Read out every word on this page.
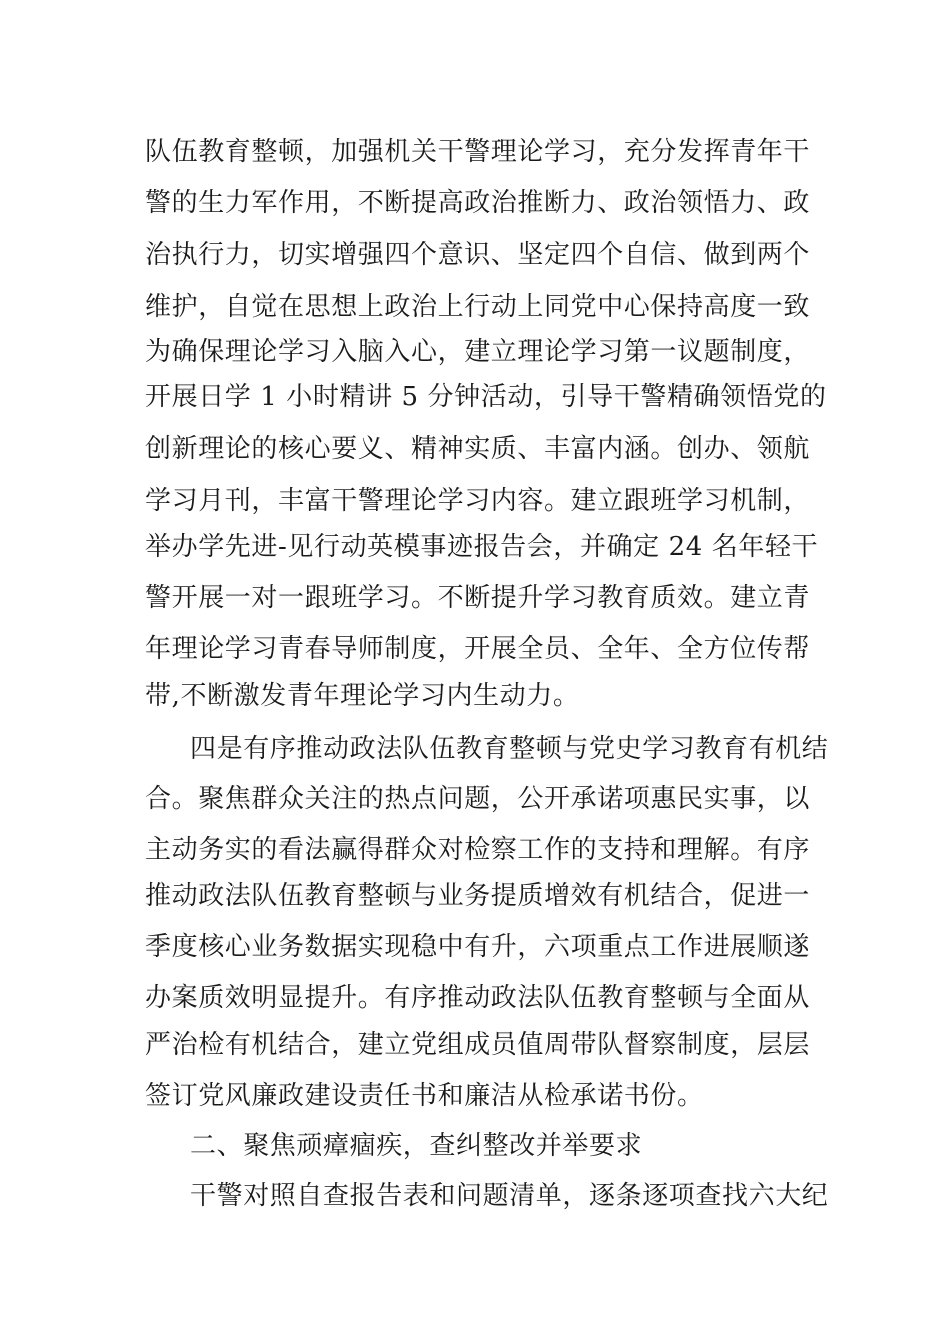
队伍教育整顿，加强机关干警理论学习，充分发挥青年干
警的生力军作用，不断提高政治推断力、政治领悟力、政
治执行力，切实增强四个意识、坚定四个自信、做到两个
维护，自觉在思想上政治上行动上同党中心保持高度一致
为确保理论学习入脑入心，建立理论学习第一议题制度，
开展日学 1 小时精讲 5 分钟活动，引导干警精确领悟党的
创新理论的核心要义、精神实质、丰富内涵。创办、领航
学习月刊，丰富干警理论学习内容。建立跟班学习机制，
举办学先进-见行动英模事迹报告会，并确定 24 名年轻干
警开展一对一跟班学习。不断提升学习教育质效。建立青
年理论学习青春导师制度，开展全员、全年、全方位传帮
带,不断激发青年理论学习内生动力。
四是有序推动政法队伍教育整顿与党史学习教育有机结
合。聚焦群众关注的热点问题，公开承诺项惠民实事，以
主动务实的看法赢得群众对检察工作的支持和理解。有序
推动政法队伍教育整顿与业务提质增效有机结合，促进一
季度核心业务数据实现稳中有升，六项重点工作进展顺遂
办案质效明显提升。有序推动政法队伍教育整顿与全面从
严治检有机结合，建立党组成员值周带队督察制度，层层
签订党风廉政建设责任书和廉洁从检承诺书份。
二、聚焦顽瘴痼疾，查纠整改并举要求
干警对照自查报告表和问题清单，逐条逐项查找六大纪
